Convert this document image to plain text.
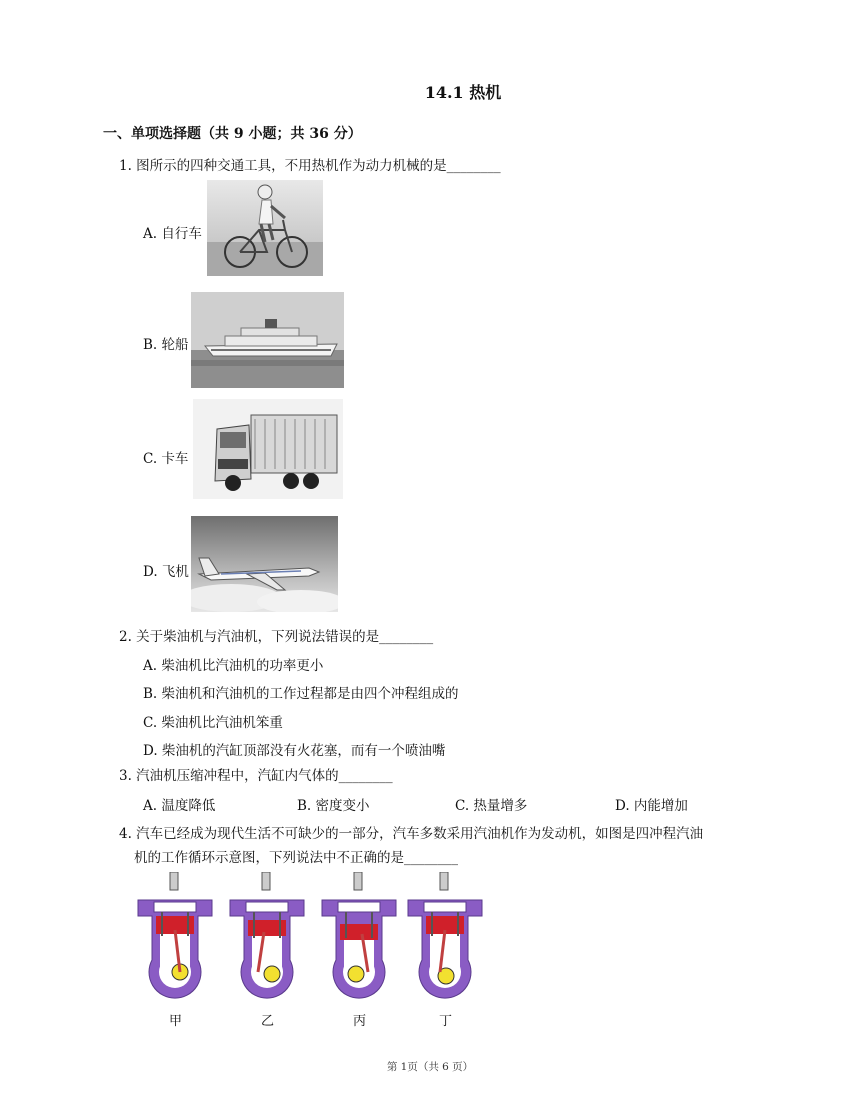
14.1 热机
一、单项选择题（共 9 小题；共 36 分）
1. 图所示的四种交通工具，不用热机作为动力机械的是________
A. 自行车
B. 轮船
C. 卡车
D. 飞机
2. 关于柴油机与汽油机，下列说法错误的是________
A. 柴油机比汽油机的功率更小
B. 柴油机和汽油机的工作过程都是由四个冲程组成的
C. 柴油机比汽油机笨重
D. 柴油机的汽缸顶部没有火花塞，而有一个喷油嘴
3. 汽油机压缩冲程中，汽缸内气体的________
A. 温度降低	B. 密度变小	C. 热量增多	D. 内能增加
4. 汽车已经成为现代生活不可缺少的一部分，汽车多数采用汽油机作为发动机，如图是四冲程汽油
机的工作循环示意图，下列说法中不正确的是________
甲	乙	丙	丁
第 1页（共 6 页）
